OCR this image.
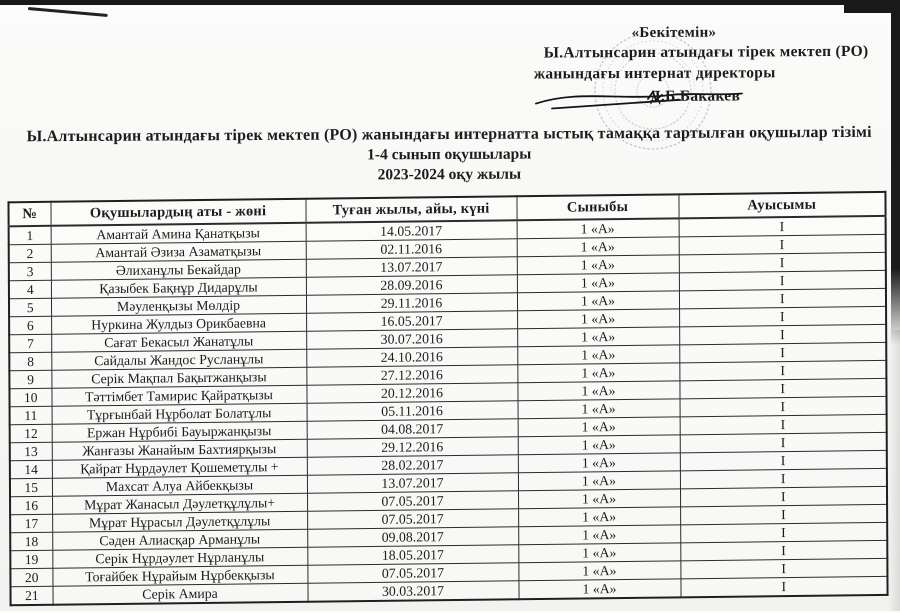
«Бекітемін»
Ы.Алтынсарин атындағы тірек мектеп (РО)
жанындағы интернат директоры
Д.Б.Бакакев
Ы.Алтынсарин атындағы тірек мектеп (РО) жанындағы интернатта ыстық тамаққа тартылған оқушылар тізімі
1-4 сынып оқушылары
2023-2024 оқу жылы
№	Оқушылардың аты - жөні	Туған жылы, айы, күні	Сыныбы	Ауысымы
1	Амантай Амина Қанатқызы	14.05.2017	1 «А»	I
2	Амантай Әзиза Азаматқызы	02.11.2016	1 «А»	I
3	Әлиханұлы Бекайдар	13.07.2017	1 «А»	I
4	Қазыбек Бақнұр Дидарұлы	28.09.2016	1 «А»	I
5	Мәуленқызы Мөлдір	29.11.2016	1 «А»	I
6	Нуркина Жулдыз Орикбаевна	16.05.2017	1 «А»	I
7	Сағат Бекасыл Жанатұлы	30.07.2016	1 «А»	I
8	Сайдалы Жандос Русланұлы	24.10.2016	1 «А»	I
9	Серік Мақпал Бақытжанқызы	27.12.2016	1 «А»	I
10	Тәттімбет Тамирис Қайратқызы	20.12.2016	1 «А»	I
11	Тұрғынбай Нұрболат Болатұлы	05.11.2016	1 «А»	I
12	Ержан Нұрбибі Бауыржанқызы	04.08.2017	1 «А»	I
13	Жанғазы Жанайым Бахтиярқызы	29.12.2016	1 «А»	I
14	Қайрат Нұрдәулет Қошеметұлы +	28.02.2017	1 «А»	I
15	Махсат Алуа Айбекқызы	13.07.2017	1 «А»	I
16	Мұрат Жанасыл Дәулетқұлұлы+	07.05.2017	1 «А»	I
17	Мұрат Нұрасыл Дәулетқұлұлы	07.05.2017	1 «А»	I
18	Сәден Алиасқар Арманұлы	09.08.2017	1 «А»	I
19	Серік Нұрдәулет Нұрланұлы	18.05.2017	1 «А»	I
20	Тоғайбек Нұрайым Нұрбекқызы	07.05.2017	1 «А»	I
21	Серік Амира	30.03.2017	1 «А»	I
